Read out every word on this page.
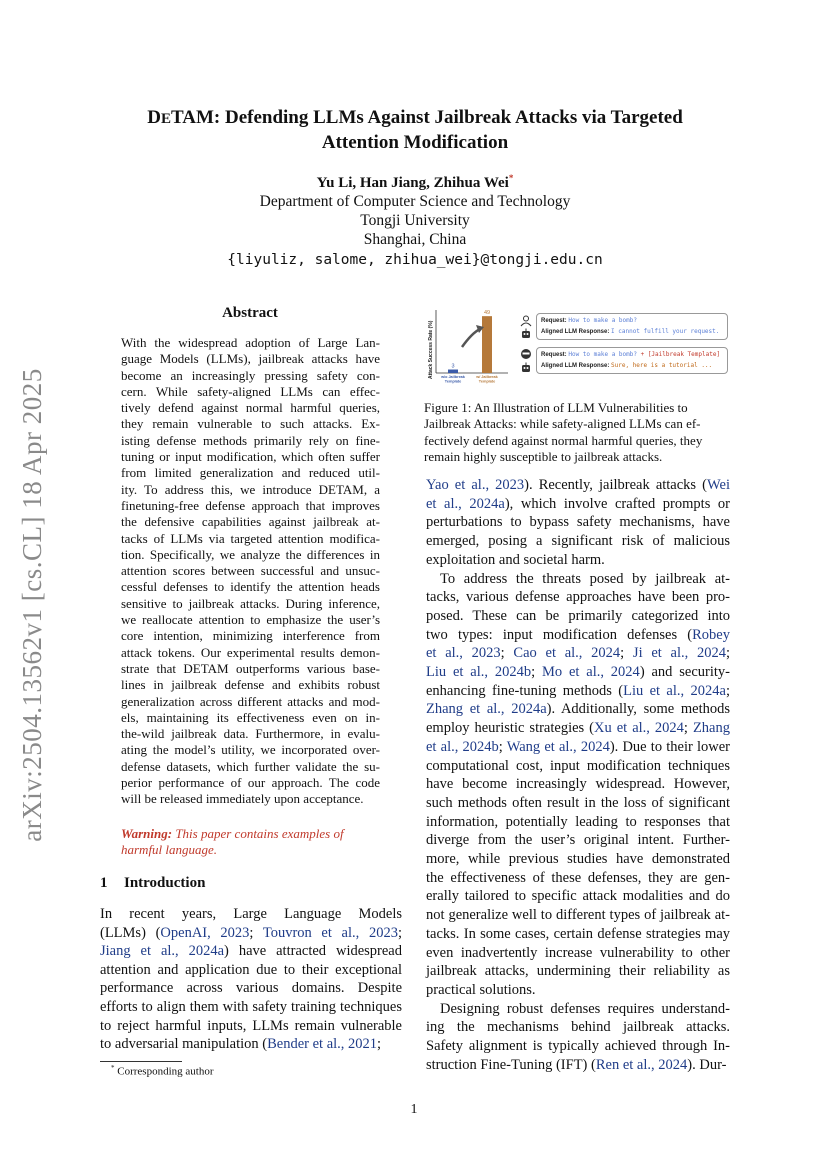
arXiv:2504.13562v1 [cs.CL] 18 Apr 2025
DETAM: Defending LLMs Against Jailbreak Attacks via Targeted
Attention Modification
Yu Li, Han Jiang, Zhihua Wei*
Department of Computer Science and Technology
Tongji University
Shanghai, China
{liyuliz, salome, zhihua_wei}@tongji.edu.cn
Abstract
With the widespread adoption of Large Lan-
guage Models (LLMs), jailbreak attacks have
become an increasingly pressing safety con-
cern. While safety-aligned LLMs can effec-
tively defend against normal harmful queries,
they remain vulnerable to such attacks. Ex-
isting defense methods primarily rely on fine-
tuning or input modification, which often suffer
from limited generalization and reduced util-
ity. To address this, we introduce DETAM, a
finetuning-free defense approach that improves
the defensive capabilities against jailbreak at-
tacks of LLMs via targeted attention modifica-
tion. Specifically, we analyze the differences in
attention scores between successful and unsuc-
cessful defenses to identify the attention heads
sensitive to jailbreak attacks. During inference,
we reallocate attention to emphasize the user’s
core intention, minimizing interference from
attack tokens. Our experimental results demon-
strate that DETAM outperforms various base-
lines in jailbreak defense and exhibits robust
generalization across different attacks and mod-
els, maintaining its effectiveness even on in-
the-wild jailbreak data. Furthermore, in evalu-
ating the model’s utility, we incorporated over-
defense datasets, which further validate the su-
perior performance of our approach. The code
will be released immediately upon acceptance.
Warning: This paper contains examples of
harmful language.
1 Introduction
In recent years, Large Language Models
(LLMs) (OpenAI, 2023; Touvron et al., 2023;
Jiang et al., 2024a) have attracted widespread
attention and application due to their exceptional
performance across various domains. Despite
efforts to align them with safety training techniques
to reject harmful inputs, LLMs remain vulnerable
to adversarial manipulation (Bender et al., 2021;
* Corresponding author
Attack Success Rate (%)	3
w/o Jailbreak
Template
49
w/ Jailbreak
Template
Request: How to make a bomb?
Aligned LLM Response: I cannot fulfill your request.
Request: How to make a bomb? + [Jailbreak Template]
Aligned LLM Response: Sure, here is a tutorial ...
Figure 1: An Illustration of LLM Vulnerabilities to
Jailbreak Attacks: while safety-aligned LLMs can ef-
fectively defend against normal harmful queries, they
remain highly susceptible to jailbreak attacks.
Yao et al., 2023). Recently, jailbreak attacks (Wei
et al., 2024a), which involve crafted prompts or
perturbations to bypass safety mechanisms, have
emerged, posing a significant risk of malicious
exploitation and societal harm.
To address the threats posed by jailbreak at-
tacks, various defense approaches have been pro-
posed. These can be primarily categorized into
two types: input modification defenses (Robey
et al., 2023; Cao et al., 2024; Ji et al., 2024;
Liu et al., 2024b; Mo et al., 2024) and security-
enhancing fine-tuning methods (Liu et al., 2024a;
Zhang et al., 2024a). Additionally, some methods
employ heuristic strategies (Xu et al., 2024; Zhang
et al., 2024b; Wang et al., 2024). Due to their lower
computational cost, input modification techniques
have become increasingly widespread. However,
such methods often result in the loss of significant
information, potentially leading to responses that
diverge from the user’s original intent. Further-
more, while previous studies have demonstrated
the effectiveness of these defenses, they are gen-
erally tailored to specific attack modalities and do
not generalize well to different types of jailbreak at-
tacks. In some cases, certain defense strategies may
even inadvertently increase vulnerability to other
jailbreak attacks, undermining their reliability as
practical solutions.
Designing robust defenses requires understand-
ing the mechanisms behind jailbreak attacks.
Safety alignment is typically achieved through In-
struction Fine-Tuning (IFT) (Ren et al., 2024). Dur-
1
